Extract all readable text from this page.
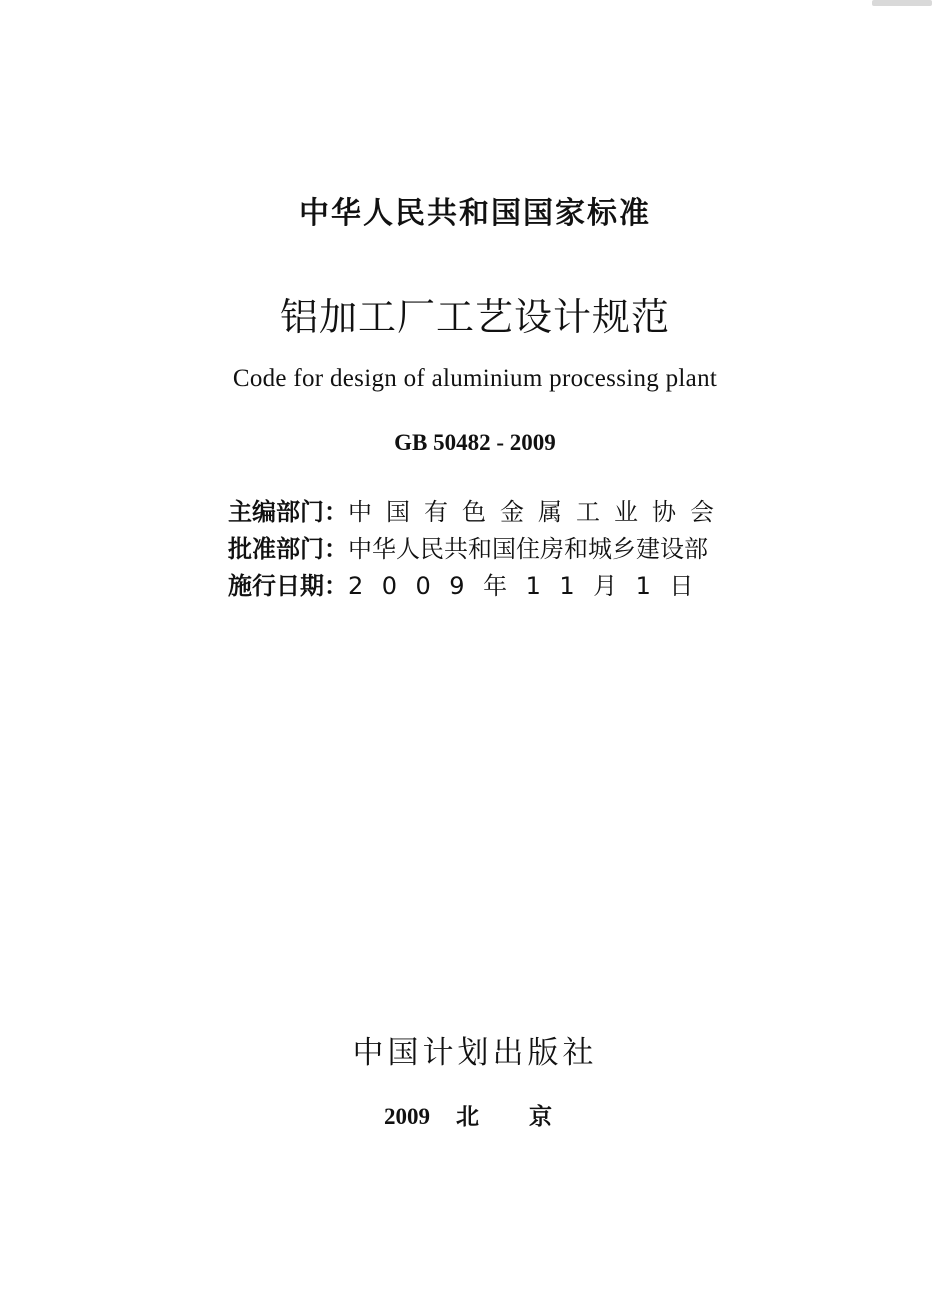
中华人民共和国国家标准
铝加工厂工艺设计规范
Code for design of aluminium processing plant
GB 50482 - 2009
主编部门： 中国有色金属工业协会
批准部门： 中华人民共和国住房和城乡建设部
施行日期： 2009年11月1日
中国计划出版社
2009 北京
